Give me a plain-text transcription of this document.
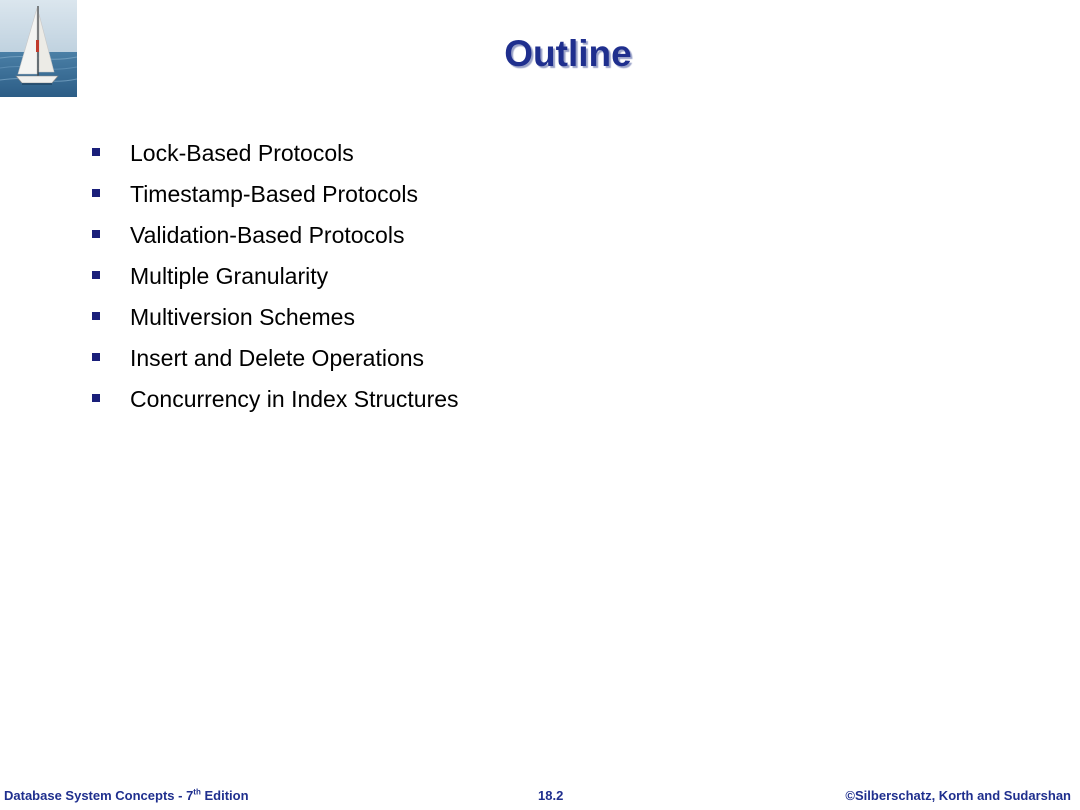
Outline
Lock-Based Protocols
Timestamp-Based Protocols
Validation-Based Protocols
Multiple Granularity
Multiversion Schemes
Insert and Delete Operations
Concurrency in Index Structures
Database System Concepts - 7th Edition	18.2	©Silberschatz, Korth and Sudarshan
